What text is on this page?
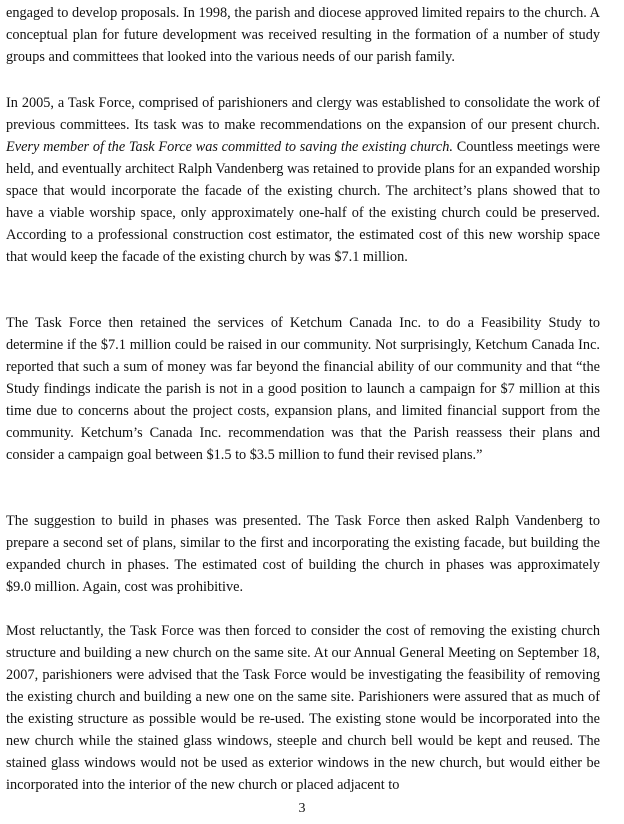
engaged to develop proposals. In 1998, the parish and diocese approved limited repairs to the church. A conceptual plan for future development was received resulting in the formation of a number of study groups and committees that looked into the various needs of our parish family.

In 2005, a Task Force, comprised of parishioners and clergy was established to consolidate the work of previous committees. Its task was to make recommendations on the expansion of our present church. Every member of the Task Force was committed to saving the existing church. Countless meetings were held, and eventually architect Ralph Vandenberg was retained to provide plans for an expanded worship space that would incorporate the facade of the existing church. The architect’s plans showed that to have a viable worship space, only approximately one-half of the existing church could be preserved. According to a professional construction cost estimator, the estimated cost of this new worship space that would keep the facade of the existing church by was $7.1 million.

The Task Force then retained the services of Ketchum Canada Inc. to do a Feasibility Study to determine if the $7.1 million could be raised in our community. Not surprisingly, Ketchum Canada Inc. reported that such a sum of money was far beyond the financial ability of our community and that “the Study findings indicate the parish is not in a good position to launch a campaign for $7 million at this time due to concerns about the project costs, expansion plans, and limited financial support from the community. Ketchum’s Canada Inc. recommendation was that the Parish reassess their plans and consider a campaign goal between $1.5 to $3.5 million to fund their revised plans.”

The suggestion to build in phases was presented. The Task Force then asked Ralph Vandenberg to prepare a second set of plans, similar to the first and incorporating the existing facade, but building the expanded church in phases. The estimated cost of building the church in phases was approximately $9.0 million. Again, cost was prohibitive.

Most reluctantly, the Task Force was then forced to consider the cost of removing the existing church structure and building a new church on the same site. At our Annual General Meeting on September 18, 2007, parishioners were advised that the Task Force would be investigating the feasibility of removing the existing church and building a new one on the same site. Parishioners were assured that as much of the existing structure as possible would be re-used. The existing stone would be incorporated into the new church while the stained glass windows, steeple and church bell would be kept and reused. The stained glass windows would not be used as exterior windows in the new church, but would either be incorporated into the interior of the new church or placed adjacent to

3
